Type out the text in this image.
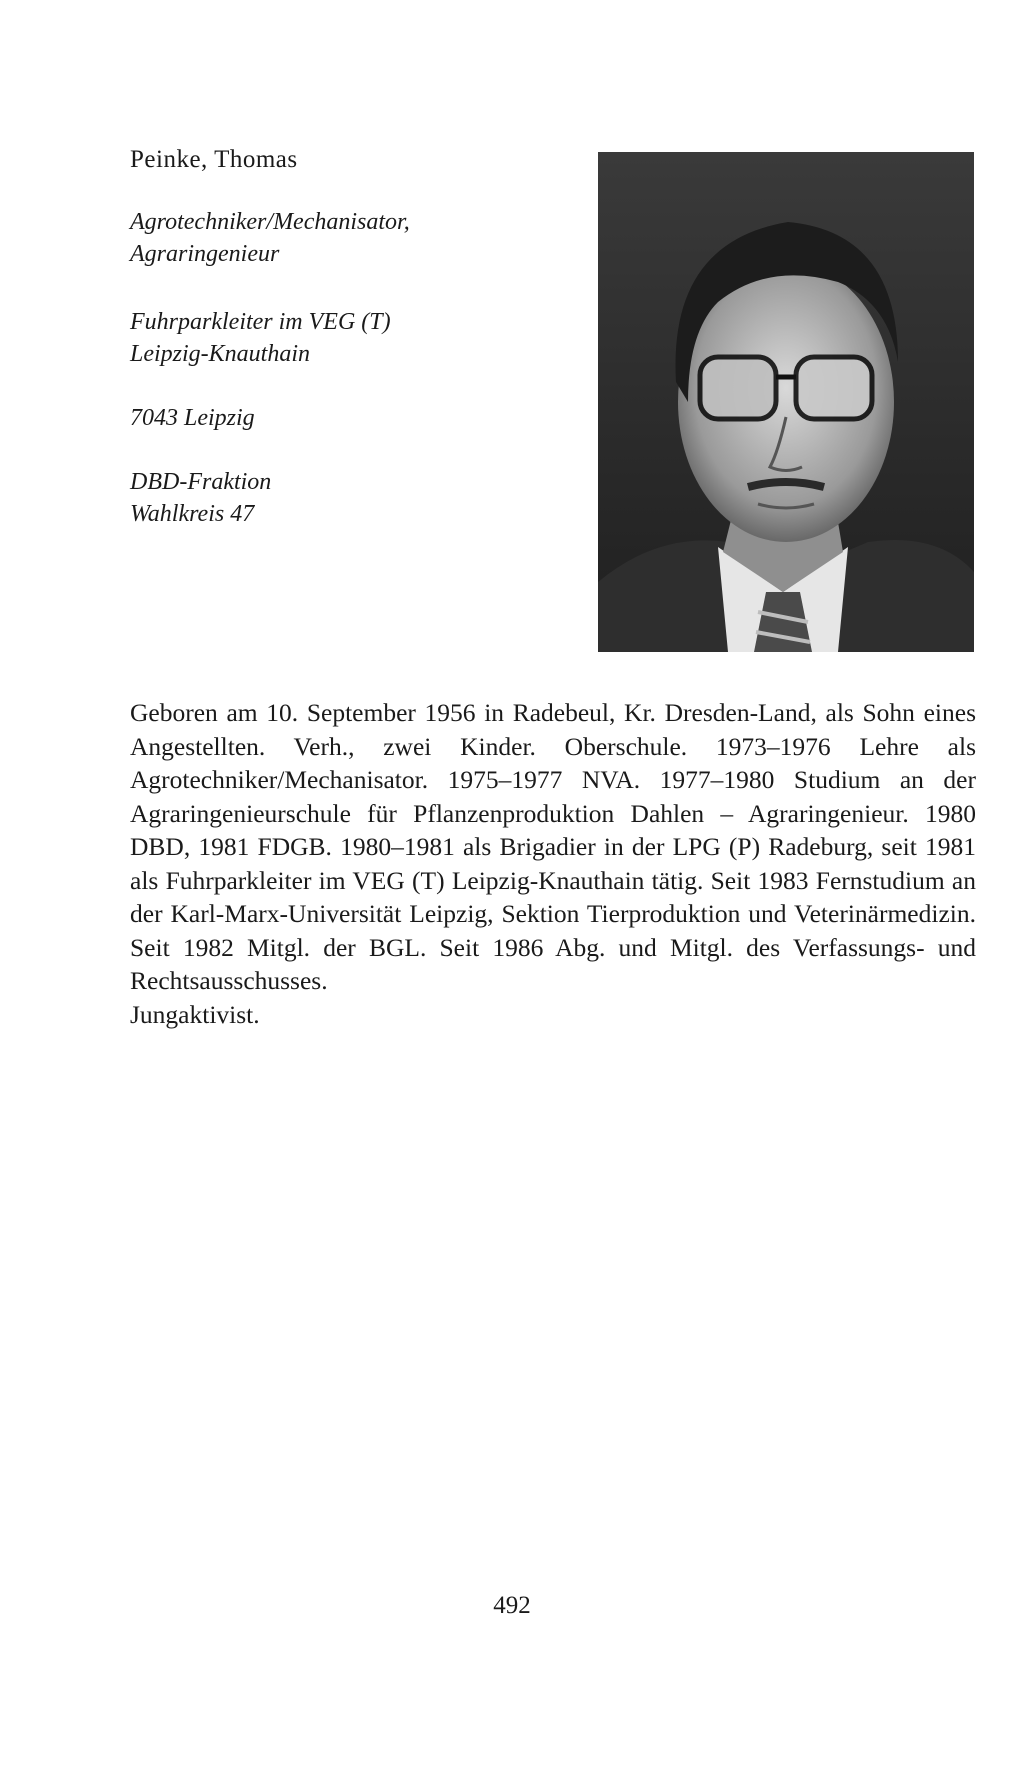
Peinke, Thomas
Agrotechniker/Mechanisator,
Agraringenieur
Fuhrparkleiter im VEG (T)
Leipzig-Knauthain
7043 Leipzig
DBD-Fraktion
Wahlkreis 47

Geboren am 10. September 1956 in Radebeul, Kr. Dresden-Land, als Sohn eines Angestellten. Verh., zwei Kinder. Oberschule. 1973–1976 Lehre als Agrotechniker/Mechanisator. 1975–1977 NVA. 1977–1980 Studium an der Agraringenieurschule für Pflanzenproduktion Dahlen – Agraringenieur. 1980 DBD, 1981 FDGB. 1980–1981 als Brigadier in der LPG (P) Radeburg, seit 1981 als Fuhrparkleiter im VEG (T) Leipzig-Knauthain tätig. Seit 1983 Fernstudium an der Karl-Marx-Universität Leipzig, Sektion Tierproduktion und Veterinärmedizin. Seit 1982 Mitgl. der BGL. Seit 1986 Abg. und Mitgl. des Verfassungs- und Rechtsausschusses.

Jungaktivist.

492
